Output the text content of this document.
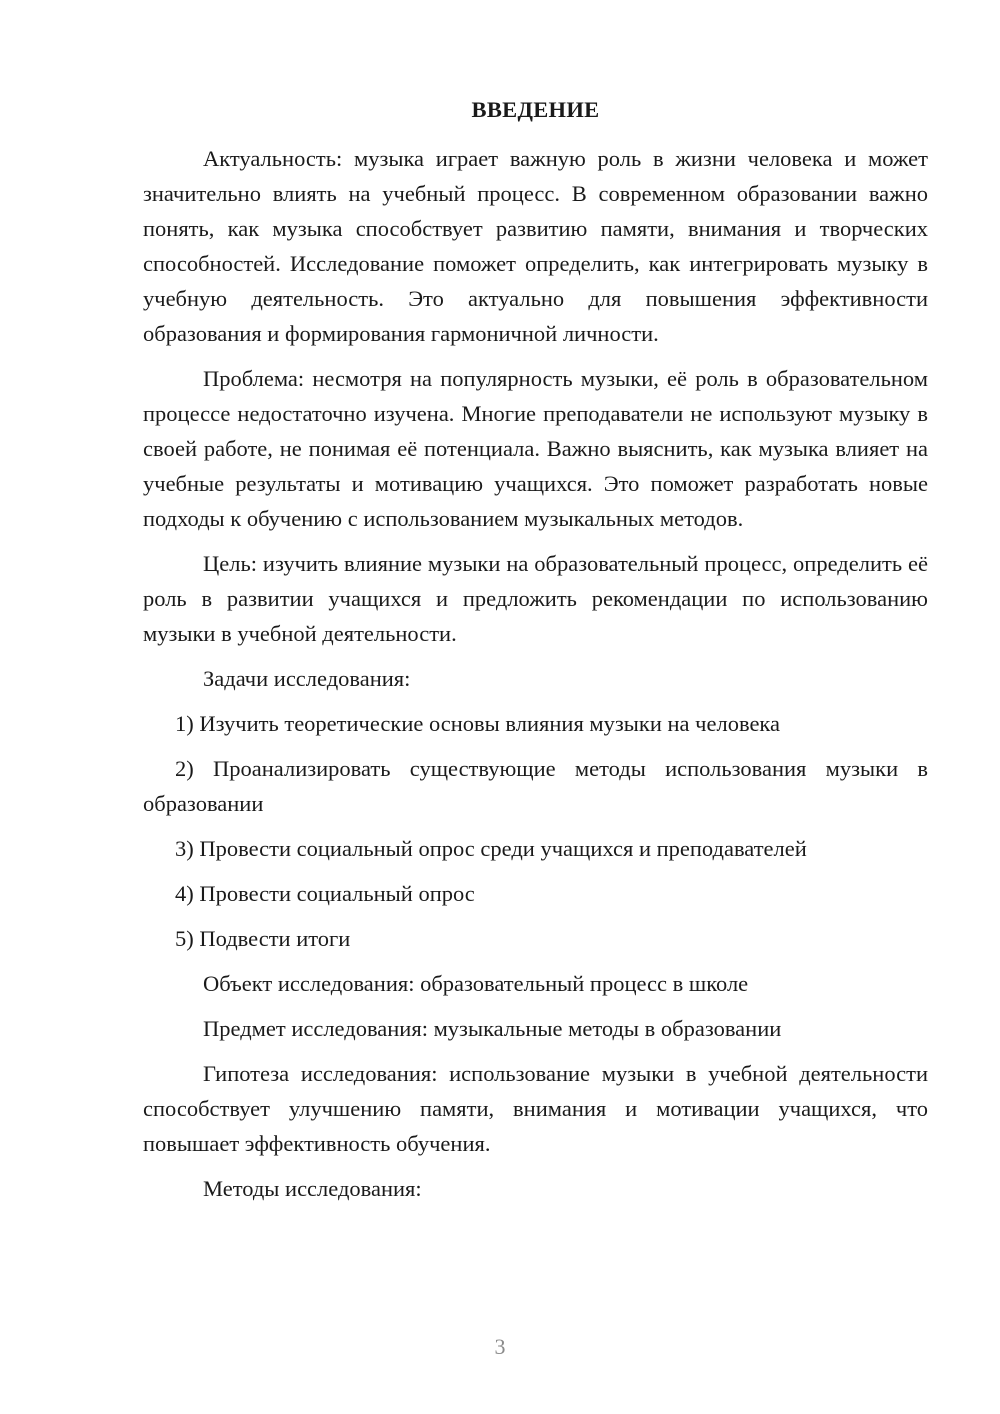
ВВЕДЕНИЕ

Актуальность: музыка играет важную роль в жизни человека и может значительно влиять на учебный процесс. В современном образовании важно понять, как музыка способствует развитию памяти, внимания и творческих способностей. Исследование поможет определить, как интегрировать музыку в учебную деятельность. Это актуально для повышения эффективности образования и формирования гармоничной личности.

Проблема: несмотря на популярность музыки, её роль в образовательном процессе недостаточно изучена. Многие преподаватели не используют музыку в своей работе, не понимая её потенциала. Важно выяснить, как музыка влияет на учебные результаты и мотивацию учащихся. Это поможет разработать новые подходы к обучению с использованием музыкальных методов.

Цель: изучить влияние музыки на образовательный процесс, определить её роль в развитии учащихся и предложить рекомендации по использованию музыки в учебной деятельности.

Задачи исследования:

1) Изучить теоретические основы влияния музыки на человека
2) Проанализировать существующие методы использования музыки в образовании
3) Провести социальный опрос среди учащихся и преподавателей
4) Провести социальный опрос
5) Подвести итоги

Объект исследования: образовательный процесс в школе

Предмет исследования: музыкальные методы в образовании

Гипотеза исследования: использование музыки в учебной деятельности способствует улучшению памяти, внимания и мотивации учащихся, что повышает эффективность обучения.

Методы исследования:

3
